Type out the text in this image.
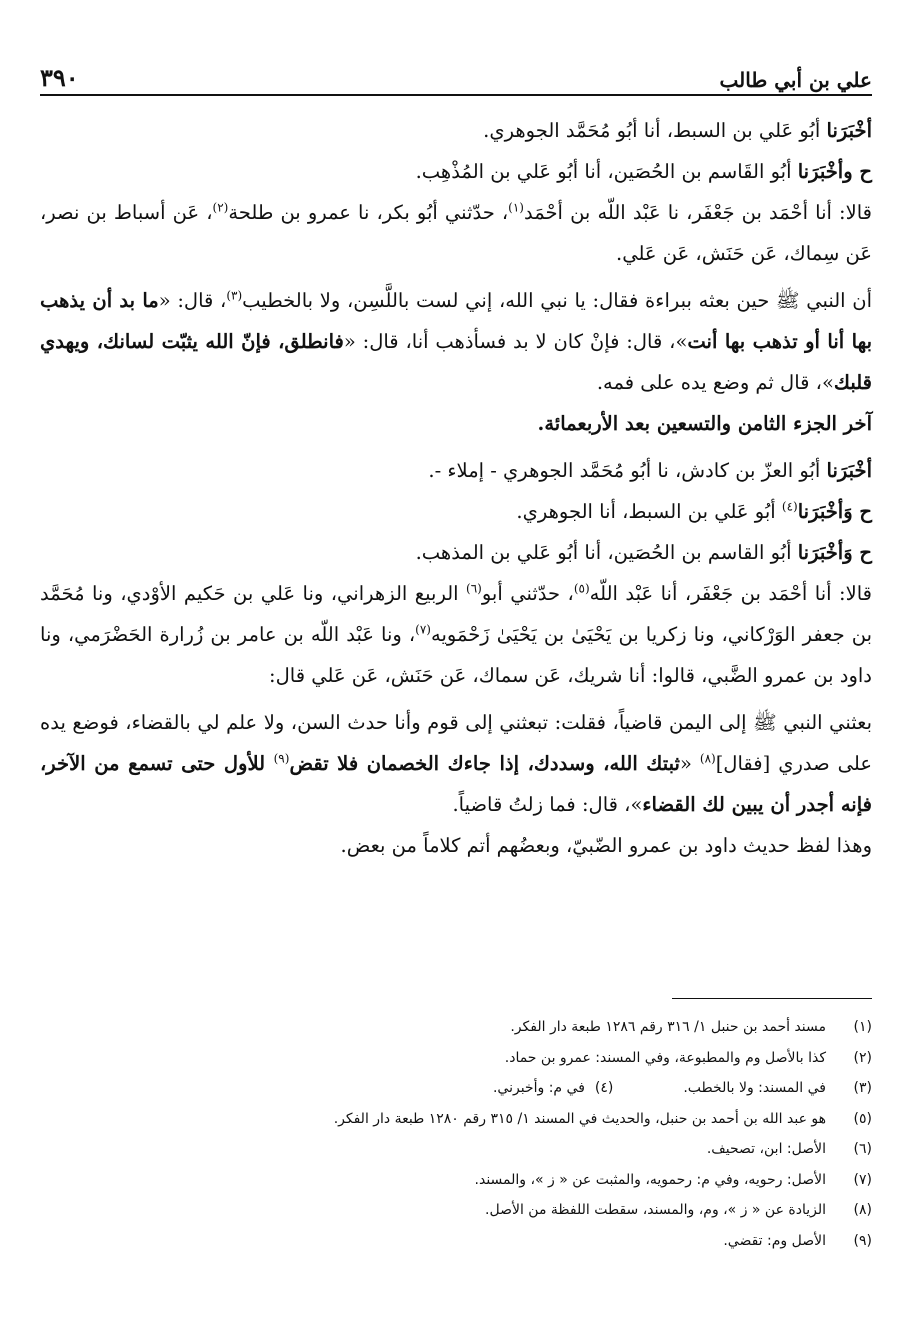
علي بن أبي طالب
٣٩٠

أخْبَرَنا أبُو عَلي بن السبط، أنا أبُو مُحَمَّد الجوهري.

ح وأخْبَرَنا أبُو القَاسم بن الحُصَين، أنا أبُو عَلي بن المُذْهِب.

قالا: أنا أحْمَد بن جَعْفَر، نا عَبْد اللّه بن أحْمَد$^{(١)}$، حدّثني أبُو بكر، نا عمرو بن طلحة$^{(٢)}$، عَن أسباط بن نصر، عَن سِماك، عَن حَنَش، عَن عَلي.

أن النبي ﷺ حين بعثه ببراءة فقال: يا نبي الله، إني لست باللَّسِن، ولا بالخطيب$^{(٣)}$، قال: «ما بد أن يذهب بها أنا أو تذهب بها أنت»، قال: فإنْ كان لا بد فسأذهب أنا، قال: «فانطلق، فإنّ الله يثبّت لسانك، ويهدي قلبك»، قال ثم وضع يده على فمه.

آخر الجزء الثامن والتسعين بعد الأربعمائة.

أخْبَرَنا أبُو العزّ بن كادش، نا أبُو مُحَمَّد الجوهري - إملاء -.

ح وَأخْبَرَنا$^{(٤)}$ أبُو عَلي بن السبط، أنا الجوهري.

ح وَأخْبَرَنا أبُو القاسم بن الحُصَين، أنا أبُو عَلي بن المذهب.

قالا: أنا أحْمَد بن جَعْفَر، أنا عَبْد اللّه$^{(٥)}$، حدّثني أبو$^{(٦)}$ الربيع الزهراني، ونا عَلي بن حَكيم الأوْدي، ونا مُحَمَّد بن جعفر الوَرْكاني، ونا زكريا بن يَحْيَىٰ بن يَحْيَىٰ زَحْمَويه$^{(٧)}$، ونا عَبْد اللّه بن عامر بن زُرارة الحَضْرَمي، ونا داود بن عمرو الضَّبي، قالوا: أنا شريك، عَن سماك، عَن حَنَش، عَن عَلي قال:

بعثني النبي ﷺ إلى اليمن قاضياً، فقلت: تبعثني إلى قوم وأنا حدث السن، ولا علم لي بالقضاء، فوضع يده على صدري [فقال]$^{(٨)}$ «ثبتك الله، وسددك، إذا جاءك الخصمان فلا تقض$^{(٩)}$ للأول حتى تسمع من الآخر، فإنه أجدر أن يبين لك القضاء»، قال: فما زلتُ قاضياً.

وهذا لفظ حديث داود بن عمرو الضّبيّ، وبعضُهم أتم كلاماً من بعض.

(١)
مسند أحمد بن حنبل ١/ ٣١٦ رقم ١٢٨٦ طبعة دار الفكر.
(٢)
كذا بالأصل وم والمطبوعة، وفي المسند: عمرو بن حماد.
(٣)
في المسند: ولا بالخطب.
(٤)
في م: وأخبرني.
(٥)
هو عبد الله بن أحمد بن حنبل، والحديث في المسند ١/ ٣١٥ رقم ١٢٨٠ طبعة دار الفكر.
(٦)
الأصل: ابن، تصحيف.
(٧)
الأصل: رحويه، وفي م: رحمويه، والمثبت عن « ز »، والمسند.
(٨)
الزيادة عن « ز »، وم، والمسند، سقطت اللفظة من الأصل.
(٩)
الأصل وم: تقضي.
